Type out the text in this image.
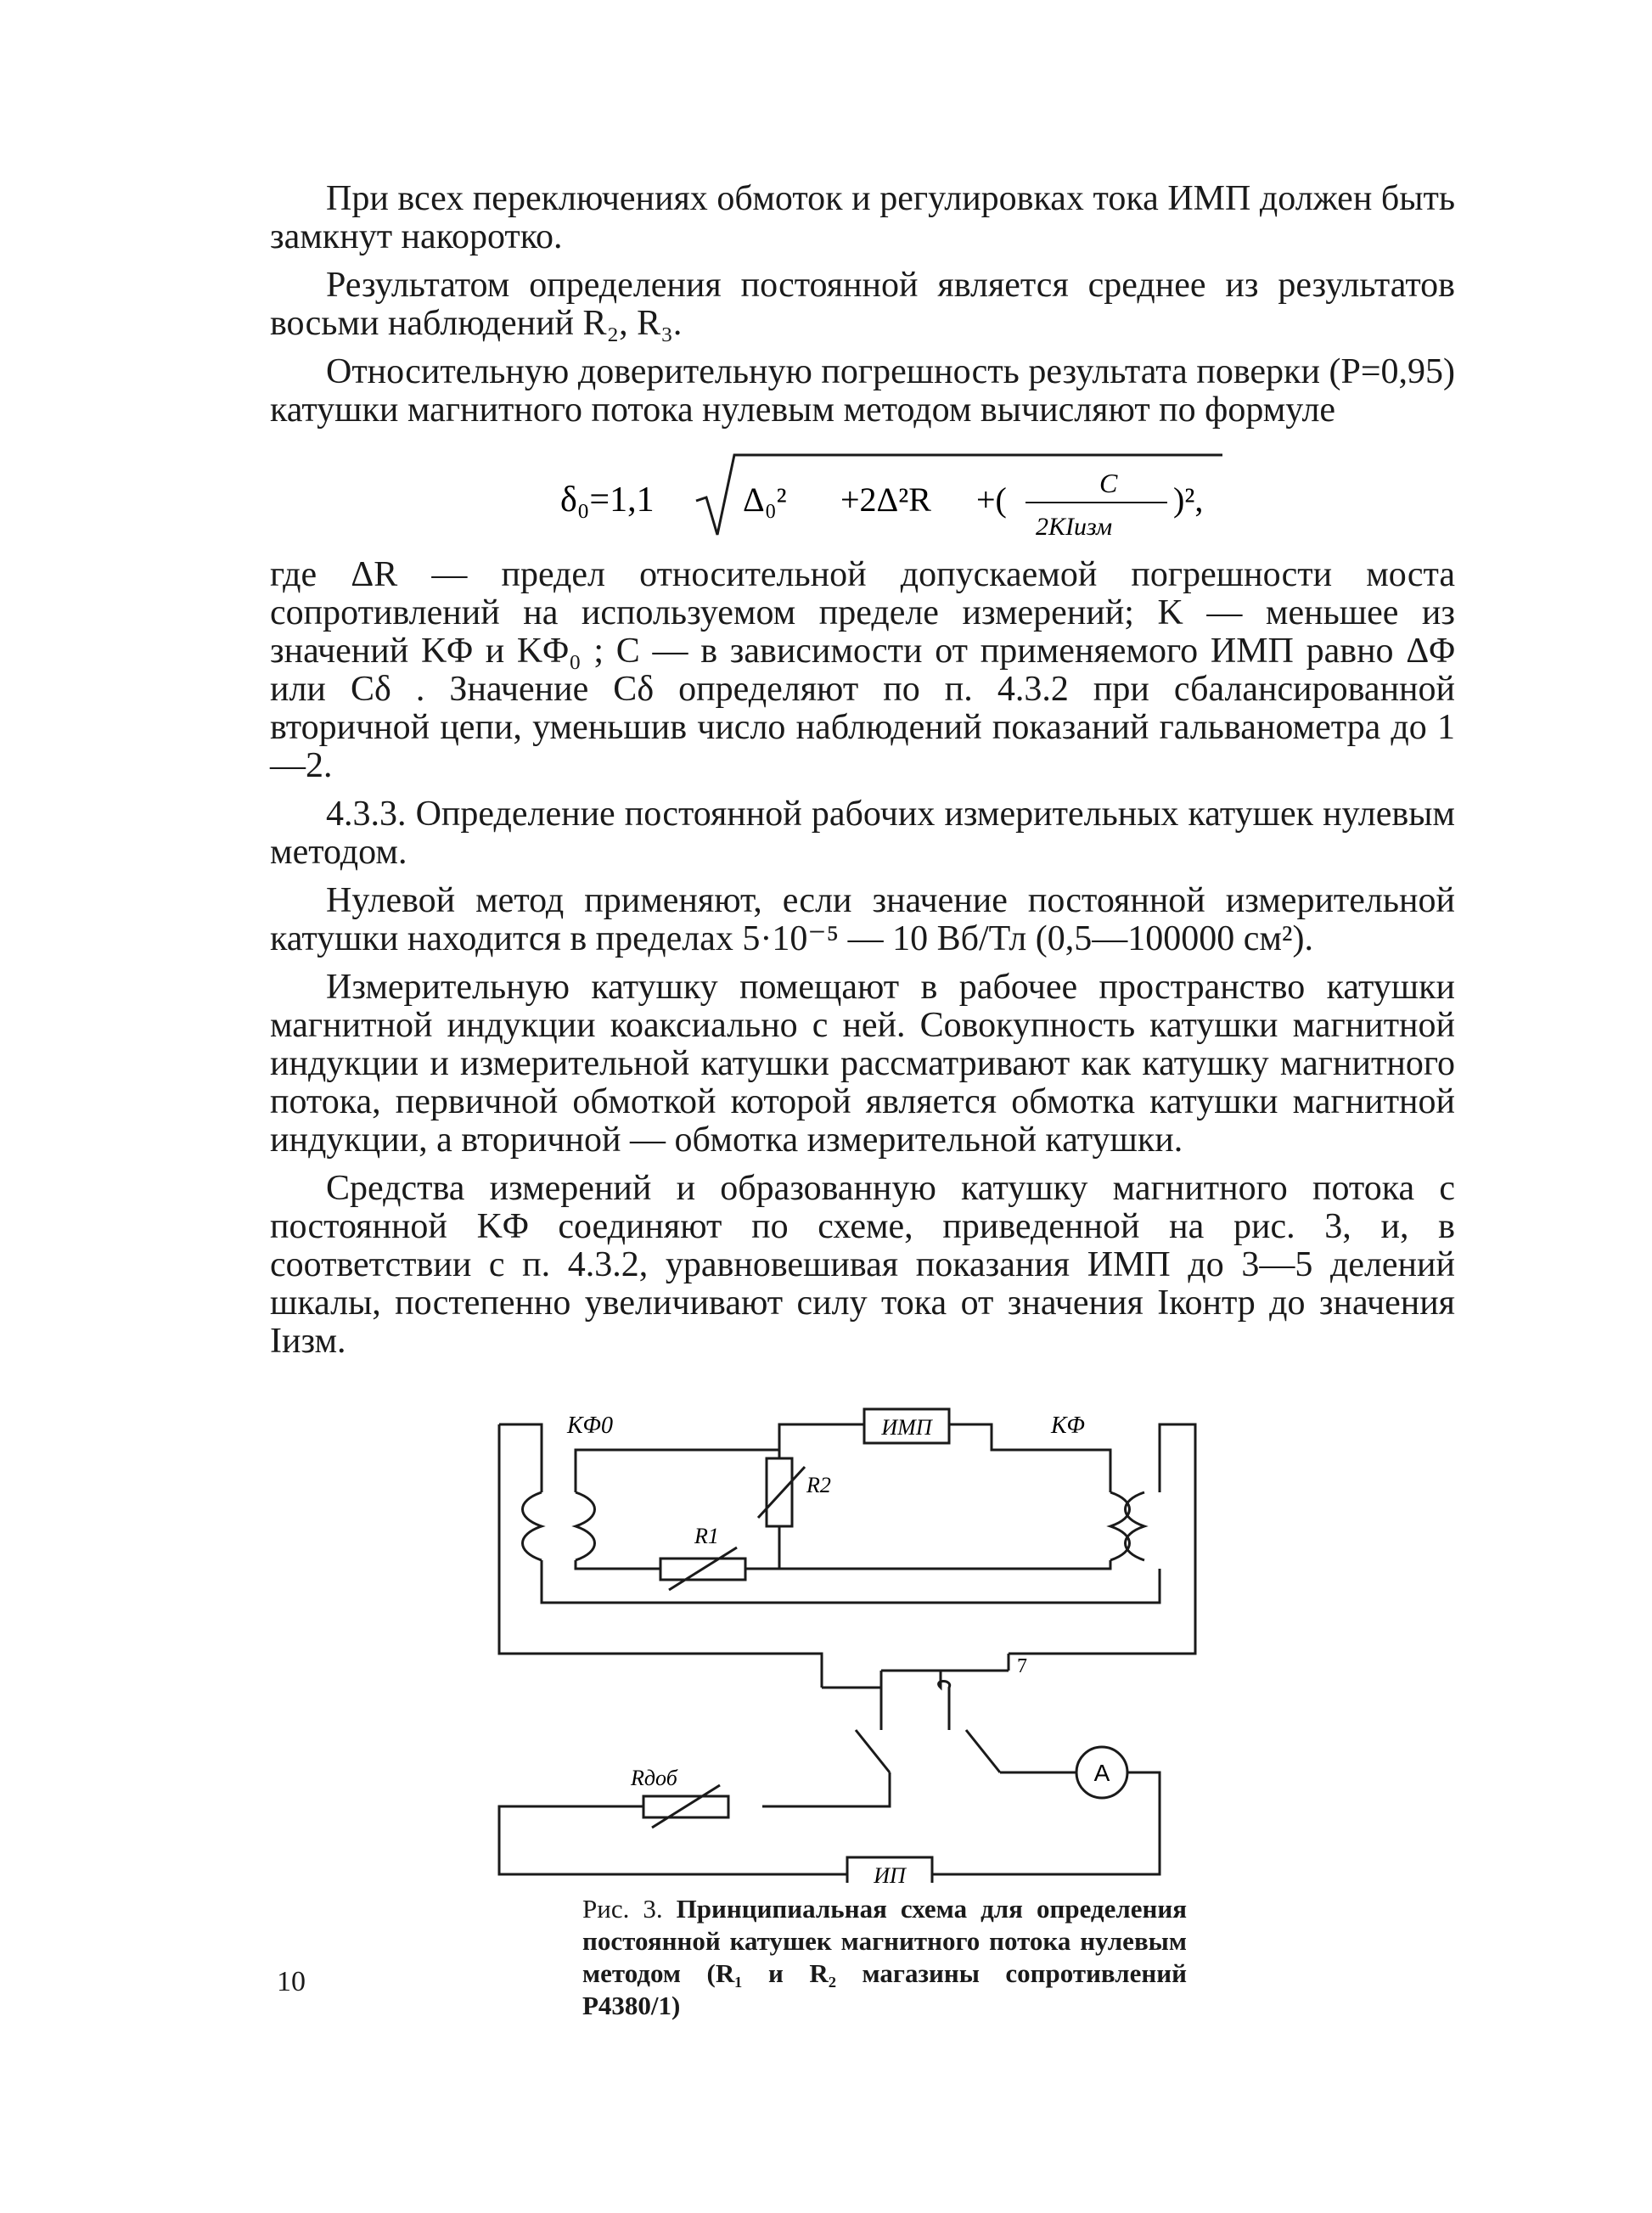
При всех переключениях обмоток и регулировках тока ИМП должен быть замкнут накоротко.

Результатом определения постоянной является среднее из результатов восьми наблюдений R₂, R₃.

Относительную доверительную погрешность результата поверки (P=0,95) катушки магнитного потока нулевым методом вычисляют по формуле

δ₀=1,1	Δ₀² +2Δ²R +(	C
2KIизм
)²,

где ΔR — предел относительной допускаемой погрешности моста сопротивлений на используемом пределе измерений; K — меньшее из значений KΦ и KΦ₀ ; C — в зависимости от применяемого ИМП равно ΔΦ или Cδ . Значение Cδ определяют по п. 4.3.2 при сбалансированной вторичной цепи, уменьшив число наблюдений показаний гальванометра до 1—2.

4.3.3. Определение постоянной рабочих измерительных катушек нулевым методом.

Нулевой метод применяют, если значение постоянной измерительной катушки находится в пределах 5·10⁻⁵ — 10 Вб/Тл (0,5—100000 см²).

Измерительную катушку помещают в рабочее пространство катушки магнитной индукции коаксиально с ней. Совокупность катушки магнитной индукции и измерительной катушки рассматривают как катушку магнитного потока, первичной обмоткой которой является обмотка катушки магнитной индукции, а вторичной — обмотка измерительной катушки.

Средства измерений и образованную катушку магнитного потока с постоянной KΦ соединяют по схеме, приведенной на рис. 3, и, в соответствии с п. 4.3.2, уравновешивая показания ИМП до 3—5 делений шкалы, постепенно увеличивают силу тока от значения Iконтр до значения Iизм.

ИМП
R2
R1
Rдоб	A
ИП
KΦ0	KΦ
7
Рис. 3. Принципиальная схема для определения постоянной катушек магнитного потока нулевым методом (R₁ и R₂ магазины сопротивлений Р4380/1)
10
